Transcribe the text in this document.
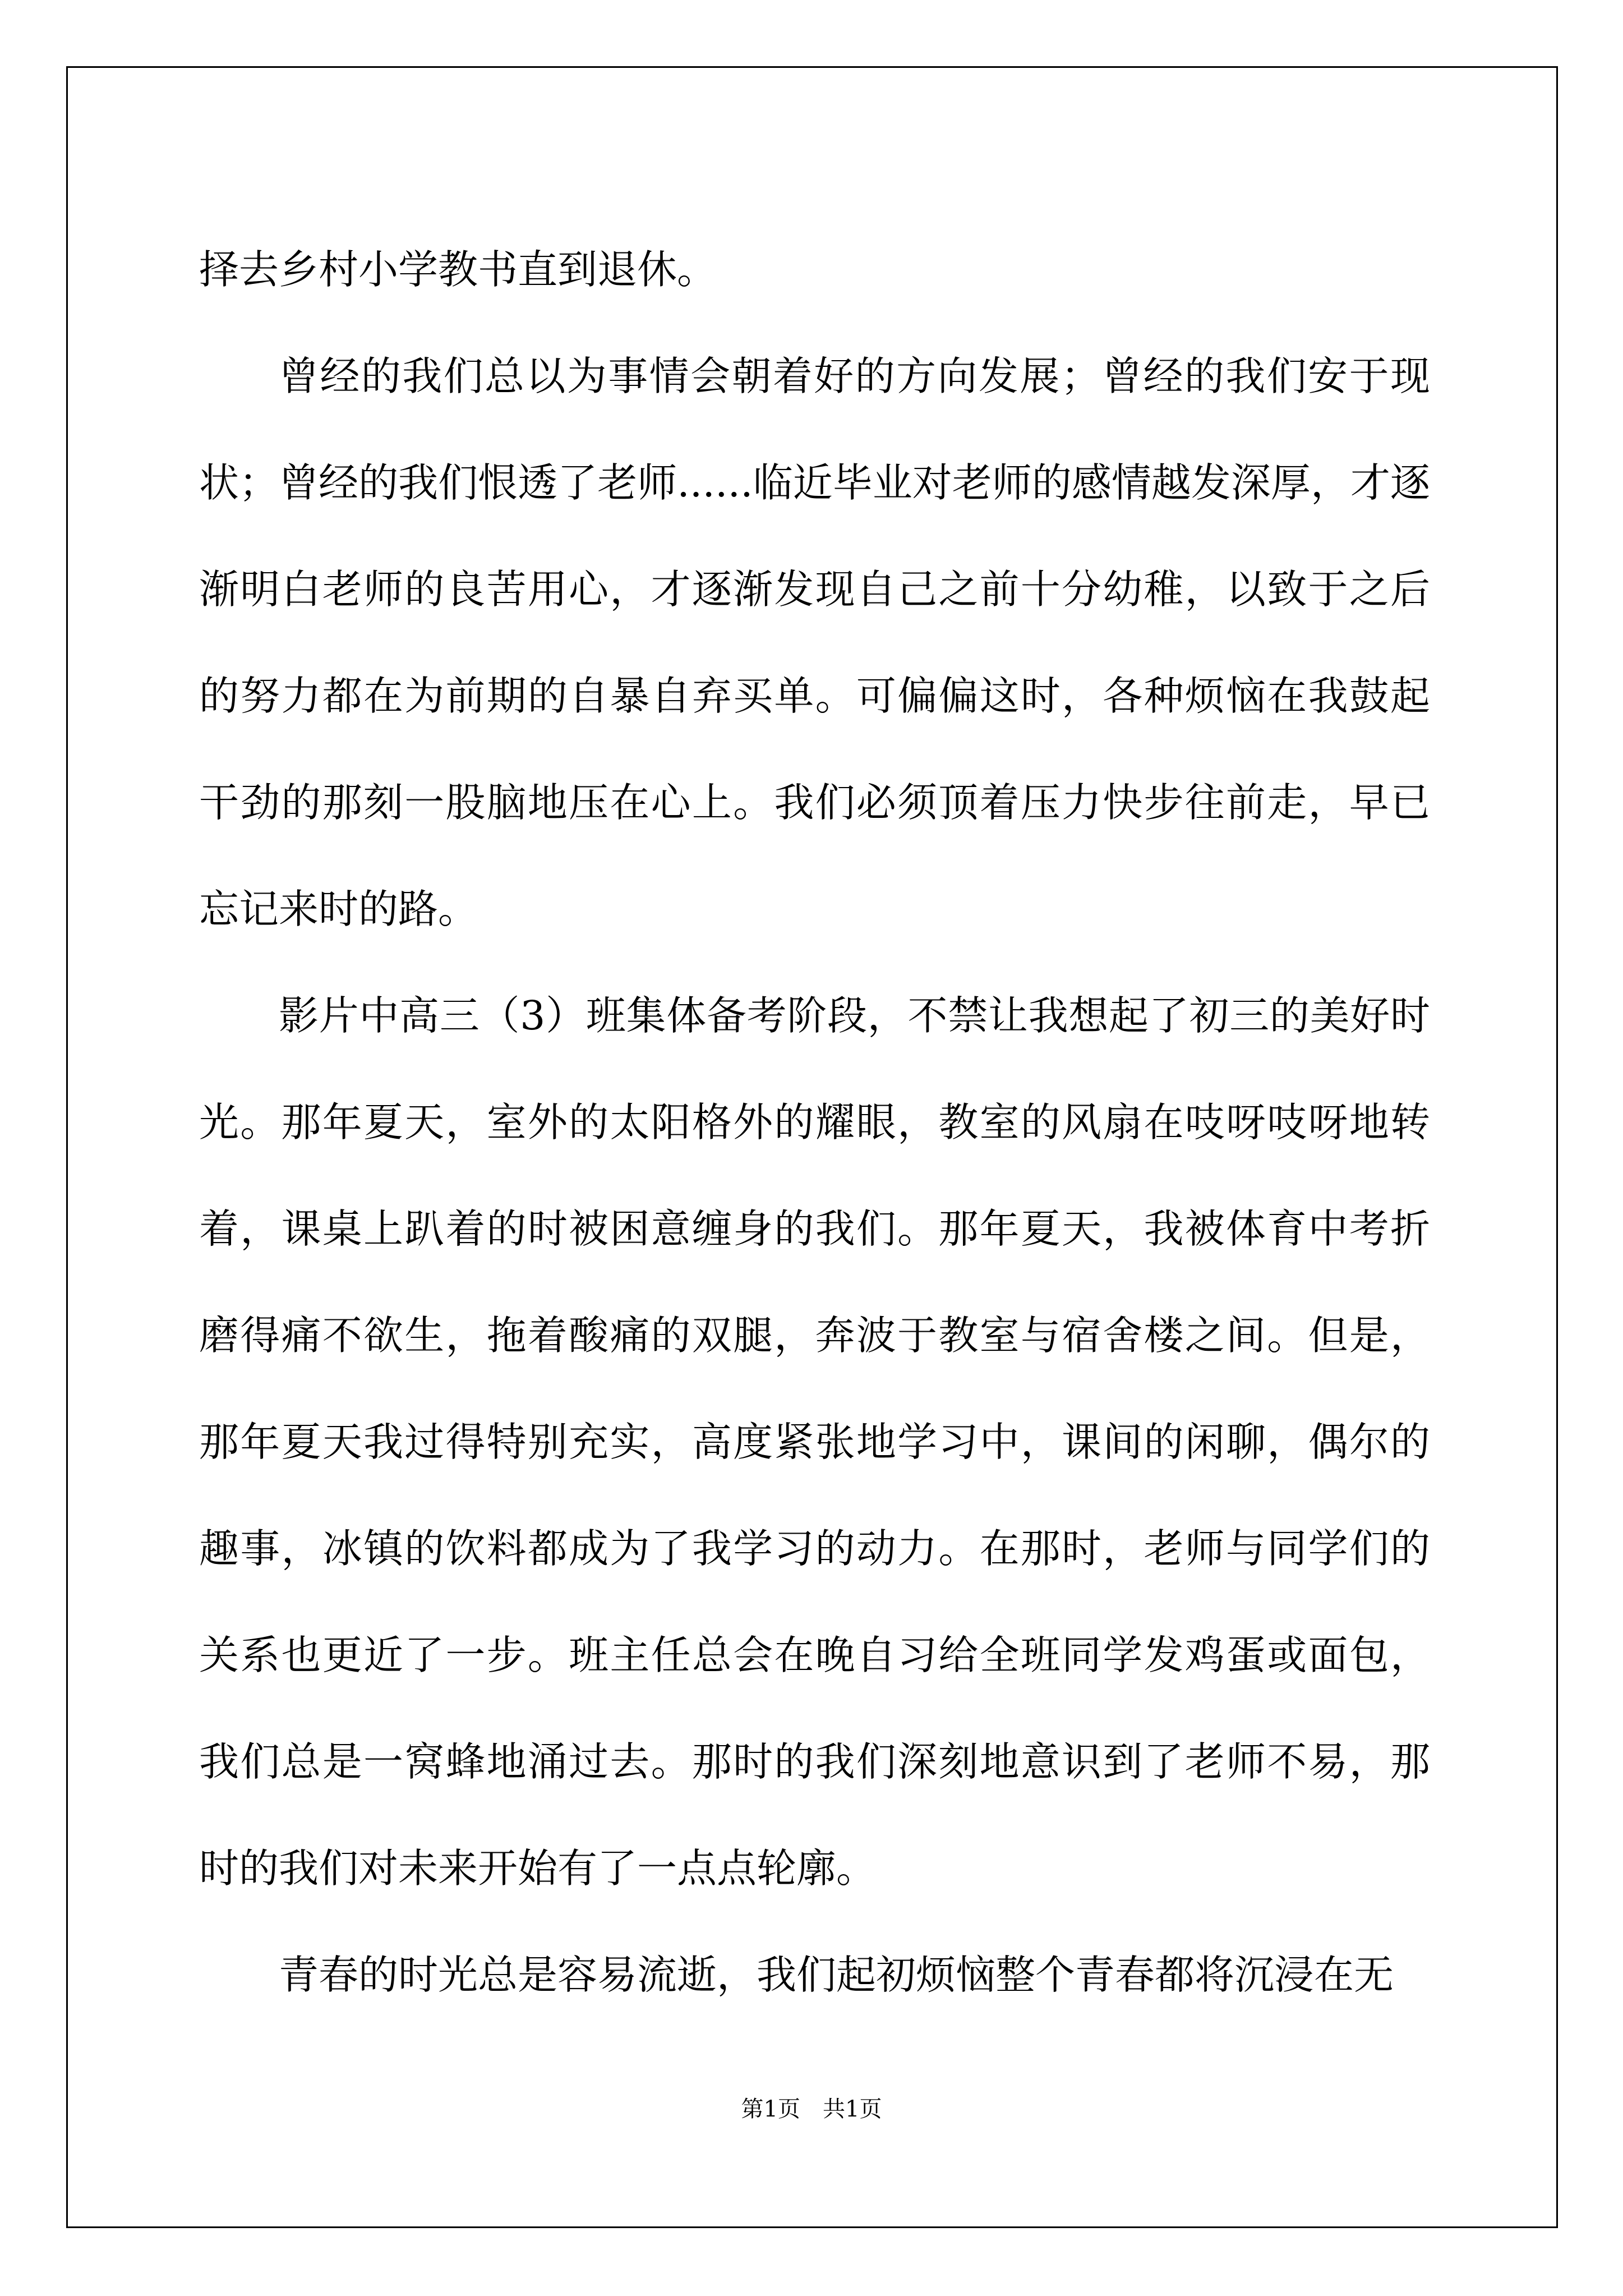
择去乡村小学教书直到退休。

曾经的我们总以为事情会朝着好的方向发展；曾经的我们安于现状；曾经的我们恨透了老师......临近毕业对老师的感情越发深厚，才逐渐明白老师的良苦用心，才逐渐发现自己之前十分幼稚，以致于之后的努力都在为前期的自暴自弃买单。可偏偏这时，各种烦恼在我鼓起干劲的那刻一股脑地压在心上。我们必须顶着压力快步往前走，早已忘记来时的路。

影片中高三（3）班集体备考阶段，不禁让我想起了初三的美好时光。那年夏天，室外的太阳格外的耀眼，教室的风扇在吱呀吱呀地转着，课桌上趴着的时被困意缠身的我们。那年夏天，我被体育中考折磨得痛不欲生，拖着酸痛的双腿，奔波于教室与宿舍楼之间。但是，那年夏天我过得特别充实，高度紧张地学习中，课间的闲聊，偶尔的趣事，冰镇的饮料都成为了我学习的动力。在那时，老师与同学们的关系也更近了一步。班主任总会在晚自习给全班同学发鸡蛋或面包，我们总是一窝蜂地涌过去。那时的我们深刻地意识到了老师不易，那时的我们对未来开始有了一点点轮廓。

青春的时光总是容易流逝，我们起初烦恼整个青春都将沉浸在无

第1页 共1页
